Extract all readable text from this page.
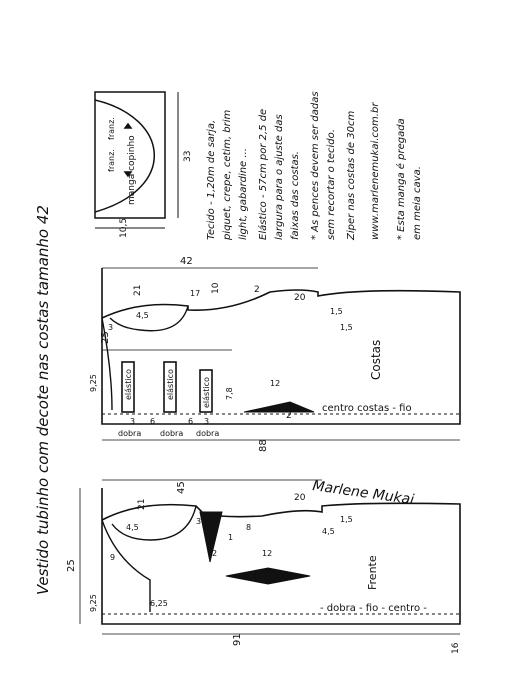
Vestido tubinho com decote nas costas tamanho 42
manga copinho
franz.
franz.
10,5
33 Tecido - 1,20m de sarja, piquet, crepe, cetim, brim light, gabardine ... Elástico - 57cm por 2,5 de largura para o ajuste das faixas das costas. * As pences devem ser dadas sem recortar o tecido. Ziper nas costas de 30cm www.marlenemukai.com.br * Esta manga é pregada em meia cava.
Costas
centro costas - fio
elástico	elástico	elástico
dobra dobra dobra
42
88
25
21	10	2
2
9,25
3
3	3
6	6
7,8
4,5
1,5
12
17	20
1,5
Marlene Mukai
Frente
- dobra - fio - centro -
45
91
25
9,25
21
9
4,5
6,25
3
12
8
20
1,5
4,5
16
2
1
